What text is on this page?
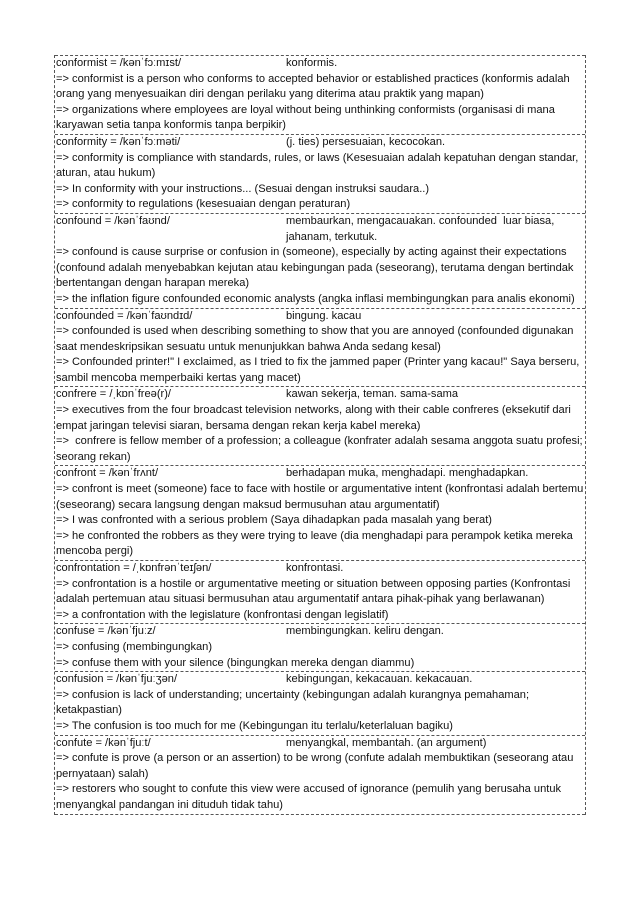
conformist = /kənˈfɔːmɪst/	konformis.
=> conformist is a person who conforms to accepted behavior or established practices (konformis adalah orang yang menyesuaikan diri dengan perilaku yang diterima atau praktik yang mapan)
=> organizations where employees are loyal without being unthinking conformists (organisasi di mana karyawan setia tanpa konformis tanpa berpikir)
conformity = /kənˈfɔːməti/	(j. ties) persesuaian, kecocokan.
=> conformity is compliance with standards, rules, or laws (Kesesuaian adalah kepatuhan dengan standar, aturan, atau hukum)
=> In conformity with your instructions... (Sesuai dengan instruksi saudara..)
=> conformity to regulations (kesesuaian dengan peraturan)
confound = /kənˈfaʊnd/	membaurkan, mengacauakan. confounded  luar biasa, jahanam, terkutuk.
=> confound is cause surprise or confusion in (someone), especially by acting against their expectations (confound adalah menyebabkan kejutan atau kebingungan pada (seseorang), terutama dengan bertindak bertentangan dengan harapan mereka)
=> the inflation figure confounded economic analysts (angka inflasi membingungkan para analis ekonomi)
confounded = /kənˈfaʊndɪd/	bingung. kacau
=> confounded is used when describing something to show that you are annoyed (confounded digunakan saat mendeskripsikan sesuatu untuk menunjukkan bahwa Anda sedang kesal)
=> Confounded printer!" I exclaimed, as I tried to fix the jammed paper (Printer yang kacau!" Saya berseru, sambil mencoba memperbaiki kertas yang macet)
confrere = /ˌkɒnˈfreə(r)/	kawan sekerja, teman. sama-sama
=> executives from the four broadcast television networks, along with their cable confreres (eksekutif dari empat jaringan televisi siaran, bersama dengan rekan kerja kabel mereka)
=>  confrere is fellow member of a profession; a colleague (konfrater adalah sesama anggota suatu profesi; seorang rekan)
confront = /kənˈfrʌnt/	berhadapan muka, menghadapi. menghadapkan.
=> confront is meet (someone) face to face with hostile or argumentative intent (konfrontasi adalah bertemu (seseorang) secara langsung dengan maksud bermusuhan atau argumentatif)
=> I was confronted with a serious problem (Saya dihadapkan pada masalah yang berat)
=> he confronted the robbers as they were trying to leave (dia menghadapi para perampok ketika mereka mencoba pergi)
confrontation = /ˌkɒnfrənˈteɪʃən/	konfrontasi.
=> confrontation is a hostile or argumentative meeting or situation between opposing parties (Konfrontasi adalah pertemuan atau situasi bermusuhan atau argumentatif antara pihak-pihak yang berlawanan)
=> a confrontation with the legislature (konfrontasi dengan legislatif)
confuse = /kənˈfjuːz/	membingungkan. keliru dengan.
=> confusing (membingungkan)
=> confuse them with your silence (bingungkan mereka dengan diammu)
confusion = /kənˈfjuːʒən/	kebingungan, kekacauan. kekacauan.
=> confusion is lack of understanding; uncertainty (kebingungan adalah kurangnya pemahaman; ketakpastian)
=> The confusion is too much for me (Kebingungan itu terlalu/keterlaluan bagiku)
confute = /kənˈfjuːt/	menyangkal, membantah. (an argument)
=> confute is prove (a person or an assertion) to be wrong (confute adalah membuktikan (seseorang atau pernyataan) salah)
=> restorers who sought to confute this view were accused of ignorance (pemulih yang berusaha untuk menyangkal pandangan ini dituduh tidak tahu)
